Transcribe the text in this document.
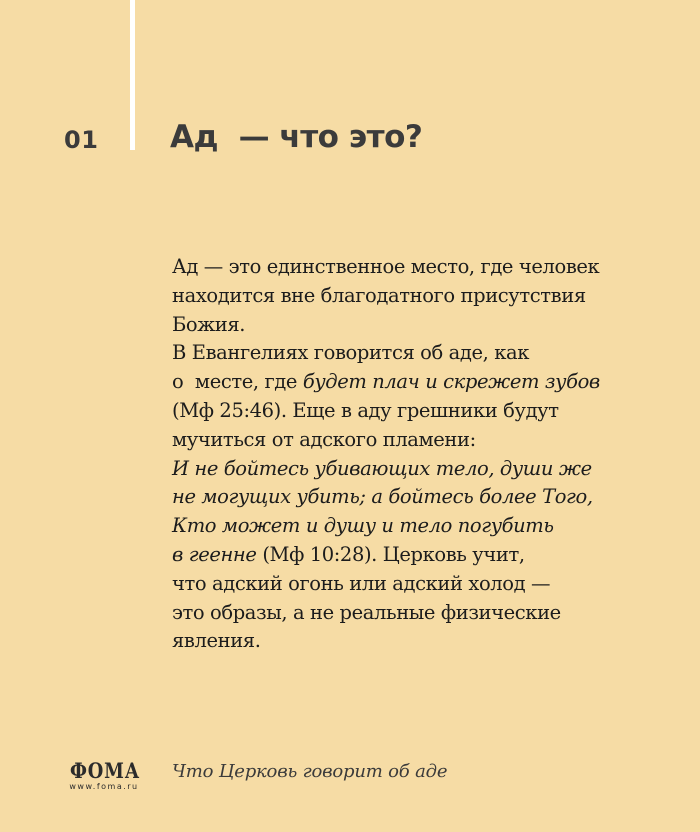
01 Ад  — что это?
Ад — это единственное место, где человек
находится вне благодатного присутствия
Божия.
В Евангелиях говорится об аде, как
о  месте, где будет плач и скрежет зубов
(Мф 25:46). Еще в аду грешники будут
мучиться от адского пламени:
И не бойтесь убивающих тело, души же
не могущих убить; а бойтесь более Того,
Кто может и душу и тело погубить
в геенне (Мф 10:28). Церковь учит,
что адский огонь или адский холод —
это образы, а не реальные физические
явления.
ФОМА
www.foma.ru
Что Церковь говорит об аде
